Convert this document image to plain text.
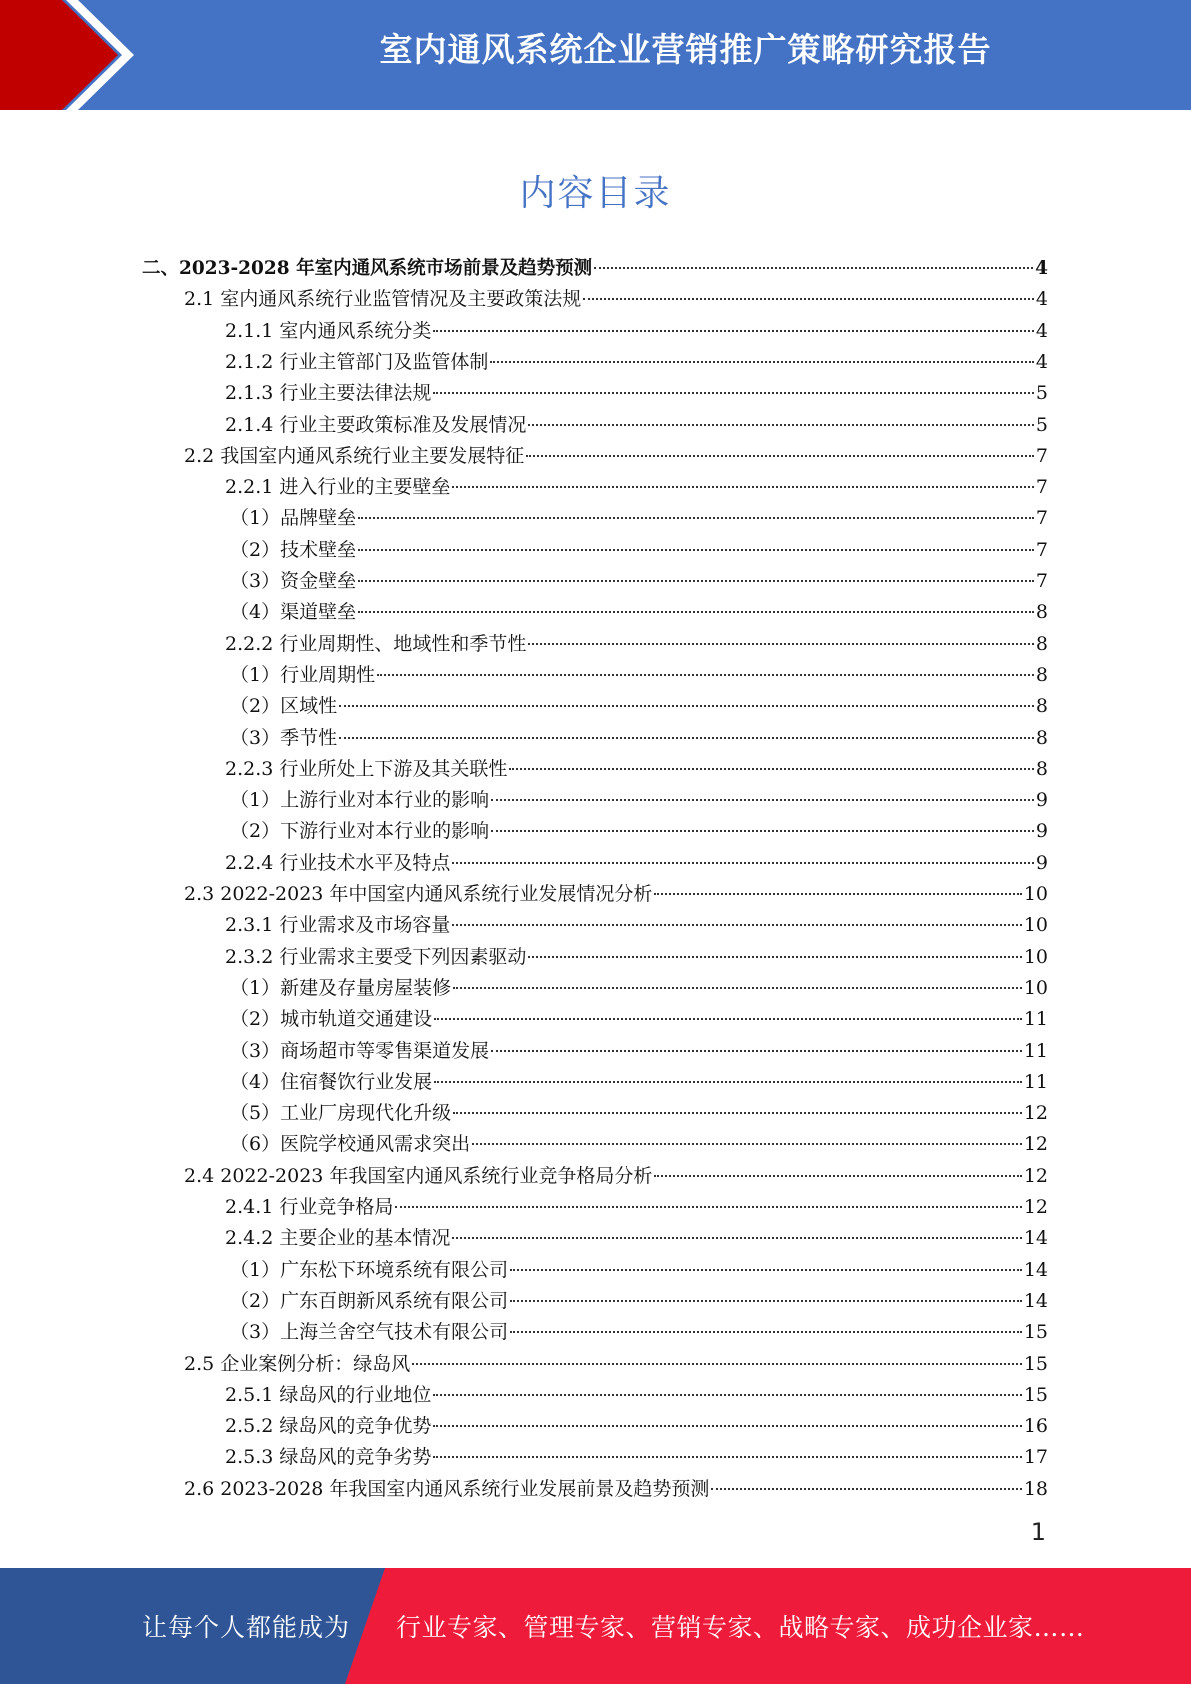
室内通风系统企业营销推广策略研究报告
内容目录
二、2023-2028 年室内通风系统市场前景及趋势预测	4
2.1 室内通风系统行业监管情况及主要政策法规	4
2.1.1 室内通风系统分类	4
2.1.2 行业主管部门及监管体制	4
2.1.3 行业主要法律法规	5
2.1.4 行业主要政策标准及发展情况	5
2.2 我国室内通风系统行业主要发展特征	7
2.2.1 进入行业的主要壁垒	7
（1）品牌壁垒	7
（2）技术壁垒	7
（3）资金壁垒	7
（4）渠道壁垒	8
2.2.2 行业周期性、地域性和季节性	8
（1）行业周期性	8
（2）区域性	8
（3）季节性	8
2.2.3 行业所处上下游及其关联性	8
（1）上游行业对本行业的影响	9
（2）下游行业对本行业的影响	9
2.2.4 行业技术水平及特点	9
2.3 2022-2023 年中国室内通风系统行业发展情况分析	10
2.3.1 行业需求及市场容量	10
2.3.2 行业需求主要受下列因素驱动	10
（1）新建及存量房屋装修	10
（2）城市轨道交通建设	11
（3）商场超市等零售渠道发展	11
（4）住宿餐饮行业发展	11
（5）工业厂房现代化升级	12
（6）医院学校通风需求突出	12
2.4 2022-2023 年我国室内通风系统行业竞争格局分析	12
2.4.1 行业竞争格局	12
2.4.2 主要企业的基本情况	14
（1）广东松下环境系统有限公司	14
（2）广东百朗新风系统有限公司	14
（3）上海兰舍空气技术有限公司	15
2.5 企业案例分析：绿岛风	15
2.5.1 绿岛风的行业地位	15
2.5.2 绿岛风的竞争优势	16
2.5.3 绿岛风的竞争劣势	17
2.6 2023-2028 年我国室内通风系统行业发展前景及趋势预测	18
1
让每个人都能成为 行业专家、管理专家、营销专家、战略专家、成功企业家……
